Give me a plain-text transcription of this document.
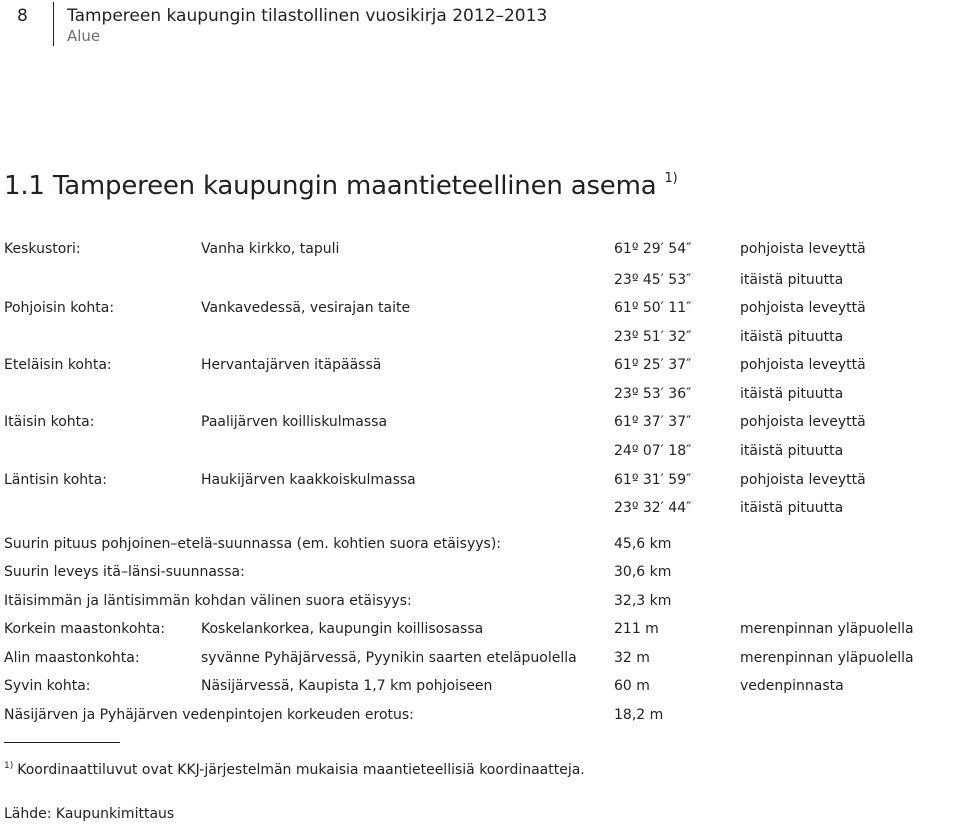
8 Tampereen kaupungin tilastollinen vuosikirja 2012–2013
Alue
1.1 Tampereen kaupungin maantieteellinen asema $^{1)}$
Keskustori:	Vanha kirkko, tapuli	61º 29′ 54″	pohjoista leveyttä
23º 45′ 53″	itäistä pituutta
Pohjoisin kohta:	Vankavedessä, vesirajan taite	61º 50′ 11″	pohjoista leveyttä
23º 51′ 32″	itäistä pituutta
Eteläisin kohta:	Hervantajärven itäpäässä	61º 25′ 37″	pohjoista leveyttä
23º 53′ 36″	itäistä pituutta
Itäisin kohta:	Paalijärven koilliskulmassa	61º 37′ 37″	pohjoista leveyttä
24º 07′ 18″	itäistä pituutta
Läntisin kohta:	Haukijärven kaakkoiskulmassa	61º 31′ 59″	pohjoista leveyttä
23º 32′ 44″	itäistä pituutta
Suurin pituus pohjoinen–etelä-suunnassa (em. kohtien suora etäisyys):	45,6 km
Suurin leveys itä–länsi-suunnassa:	30,6 km
Itäisimmän ja läntisimmän kohdan välinen suora etäisyys:	32,3 km
Korkein maastonkohta:	Koskelankorkea, kaupungin koillisosassa	211 m	merenpinnan yläpuolella
Alin maastonkohta:	syvänne Pyhäjärvessä, Pyynikin saarten eteläpuolella	32 m	merenpinnan yläpuolella
Syvin kohta:	Näsijärvessä, Kaupista 1,7 km pohjoiseen	60 m	vedenpinnasta
Näsijärven ja Pyhäjärven vedenpintojen korkeuden erotus:	18,2 m
$^{1)}$ Koordinaattiluvut ovat KKJ-järjestelmän mukaisia maantieteellisiä koordinaatteja.
Lähde: Kaupunkimittaus
